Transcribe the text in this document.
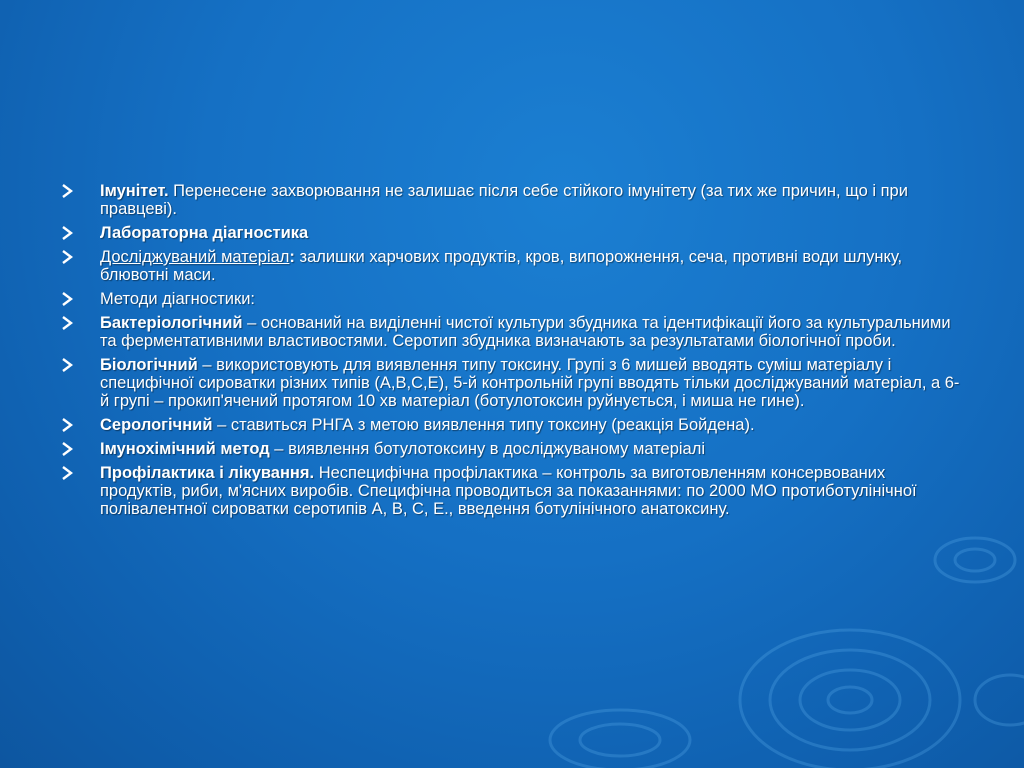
Імунітет. Перенесене захворювання не залишає після себе стійкого імунітету (за тих же причин, що і при правцеві).
Лабораторна діагностика
Досліджуваний матеріал: залишки харчових продуктів, кров, випорожнення, сеча, противні води шлунку, блювотні маси.
Методи діагностики:
Бактеріологічний – оснований на виділенні чистої культури збудника та ідентифікації його за культуральними та ферментативними властивостями. Серотип збудника визначають за результатами біологічної проби.
Біологічний – використовують для виявлення типу токсину. Групі з 6 мишей вводять суміш матеріалу і специфічної сироватки різних типів (А,В,С,Е), 5-й контрольній групі вводять тільки досліджуваний матеріал, а 6-й групі – прокип'ячений протягом 10 хв матеріал (ботулотоксин руйнується, і миша не гине).
Серологічний – ставиться РНГА з метою виявлення типу токсину (реакція Бойдена).
Імунохімічний метод – виявлення ботулотоксину в досліджуваному матеріалі
Профілактика і лікування. Неспецифічна профілактика – контроль за виготовленням консервованих продуктів, риби, м'ясних виробів. Специфічна проводиться за показаннями: по 2000 МО протиботулінічної полівалентної сироватки серотипів А, В, С, Е., введення ботулінічного анатоксину.
